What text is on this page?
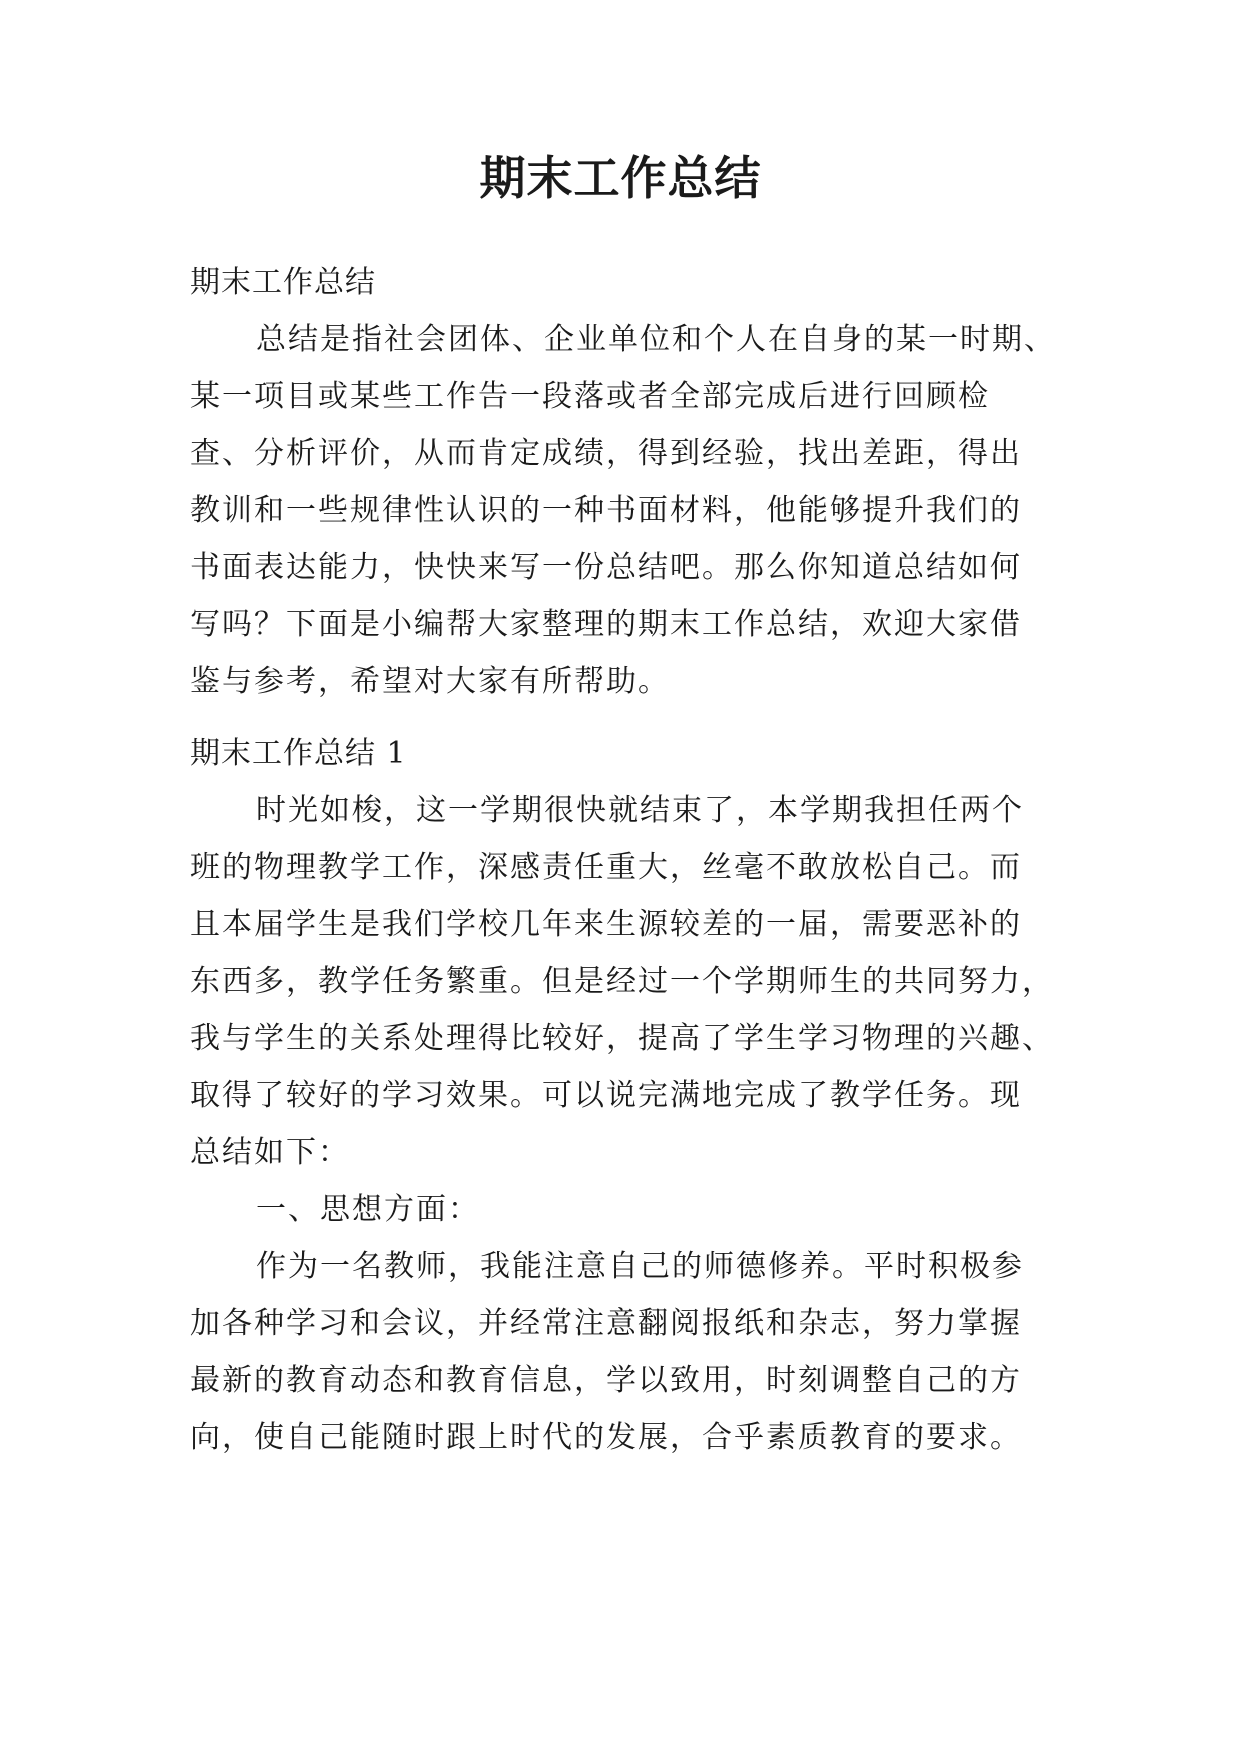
期末工作总结
期末工作总结
总结是指社会团体、企业单位和个人在自身的某一时期、
某一项目或某些工作告一段落或者全部完成后进行回顾检
查、分析评价，从而肯定成绩，得到经验，找出差距，得出
教训和一些规律性认识的一种书面材料，他能够提升我们的
书面表达能力，快快来写一份总结吧。那么你知道总结如何
写吗？下面是小编帮大家整理的期末工作总结，欢迎大家借
鉴与参考，希望对大家有所帮助。
期末工作总结 1
时光如梭，这一学期很快就结束了，本学期我担任两个
班的物理教学工作，深感责任重大，丝毫不敢放松自己。而
且本届学生是我们学校几年来生源较差的一届，需要恶补的
东西多，教学任务繁重。但是经过一个学期师生的共同努力，
我与学生的关系处理得比较好，提高了学生学习物理的兴趣、
取得了较好的学习效果。可以说完满地完成了教学任务。现
总结如下：
一、思想方面：
作为一名教师，我能注意自己的师德修养。平时积极参
加各种学习和会议，并经常注意翻阅报纸和杂志，努力掌握
最新的教育动态和教育信息，学以致用，时刻调整自己的方
向，使自己能随时跟上时代的发展，合乎素质教育的要求。
